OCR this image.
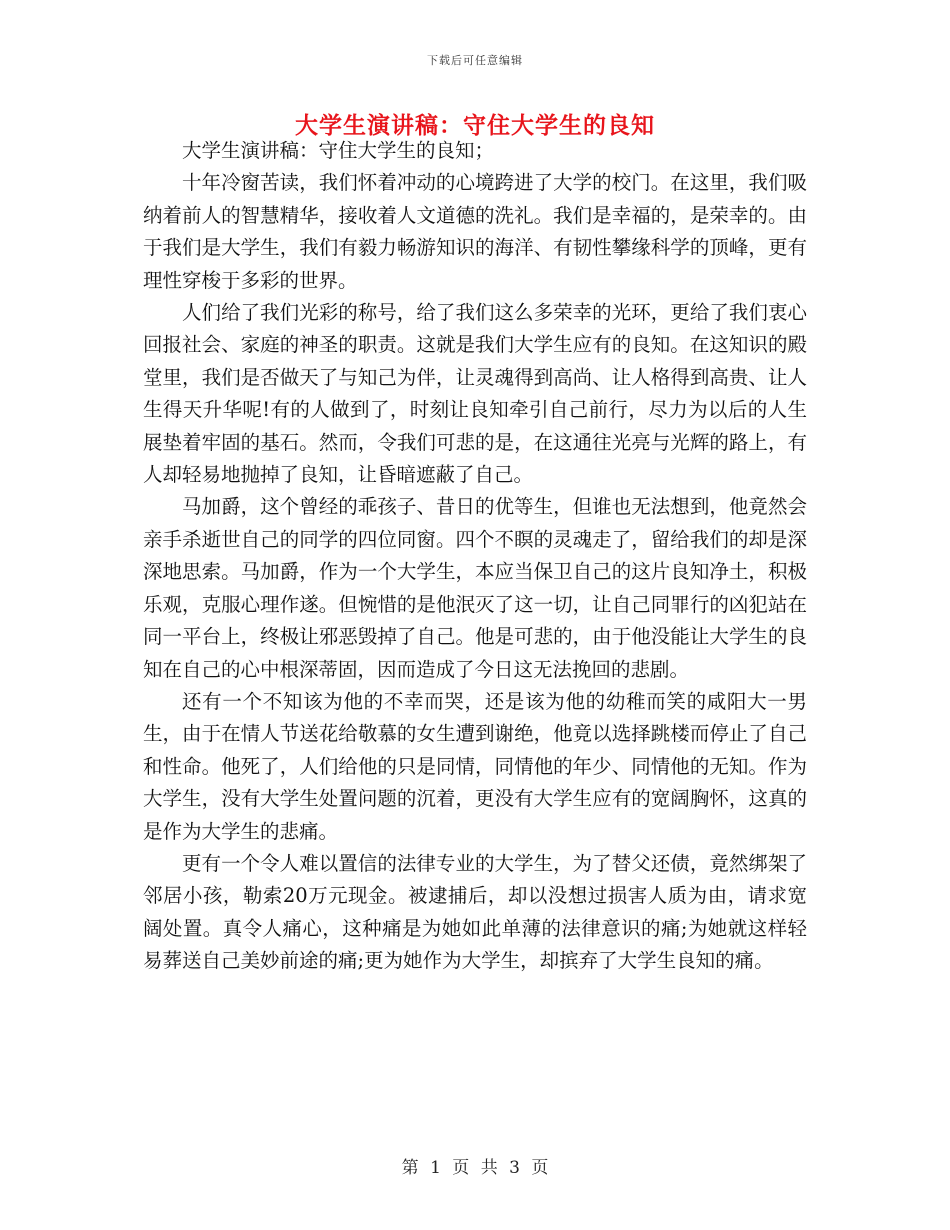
下载后可任意编辑
大学生演讲稿：守住大学生的良知

大学生演讲稿：守住大学生的良知；

十年冷窗苦读，我们怀着冲动的心境跨进了大学的校门。在这里，我们吸纳着前人的智慧精华，接收着人文道德的洗礼。我们是幸福的，是荣幸的。由于我们是大学生，我们有毅力畅游知识的海洋、有韧性攀缘科学的顶峰，更有理性穿梭于多彩的世界。

人们给了我们光彩的称号，给了我们这么多荣幸的光环，更给了我们衷心回报社会、家庭的神圣的职责。这就是我们大学生应有的良知。在这知识的殿堂里，我们是否做天了与知己为伴，让灵魂得到高尚、让人格得到高贵、让人生得天升华呢!有的人做到了，时刻让良知牵引自己前行，尽力为以后的人生展垫着牢固的基石。然而，令我们可悲的是，在这通往光亮与光辉的路上，有人却轻易地抛掉了良知，让昏暗遮蔽了自己。

马加爵，这个曾经的乖孩子、昔日的优等生，但谁也无法想到，他竟然会亲手杀逝世自己的同学的四位同窗。四个不瞑的灵魂走了，留给我们的却是深深地思索。马加爵，作为一个大学生，本应当保卫自己的这片良知净土，积极乐观，克服心理作遂。但惋惜的是他泯灭了这一切，让自己同罪行的凶犯站在同一平台上，终极让邪恶毁掉了自己。他是可悲的，由于他没能让大学生的良知在自己的心中根深蒂固，因而造成了今日这无法挽回的悲剧。

还有一个不知该为他的不幸而哭，还是该为他的幼稚而笑的咸阳大一男生，由于在情人节送花给敬慕的女生遭到谢绝，他竟以选择跳楼而停止了自己和性命。他死了，人们给他的只是同情，同情他的年少、同情他的无知。作为大学生，没有大学生处置问题的沉着，更没有大学生应有的宽阔胸怀，这真的是作为大学生的悲痛。

更有一个令人难以置信的法律专业的大学生，为了替父还债，竟然绑架了邻居小孩，勒索20万元现金。被逮捕后，却以没想过损害人质为由，请求宽阔处置。真令人痛心，这种痛是为她如此单薄的法律意识的痛;为她就这样轻易葬送自己美妙前途的痛;更为她作为大学生，却摈弃了大学生良知的痛。

第 1 页 共 3 页
